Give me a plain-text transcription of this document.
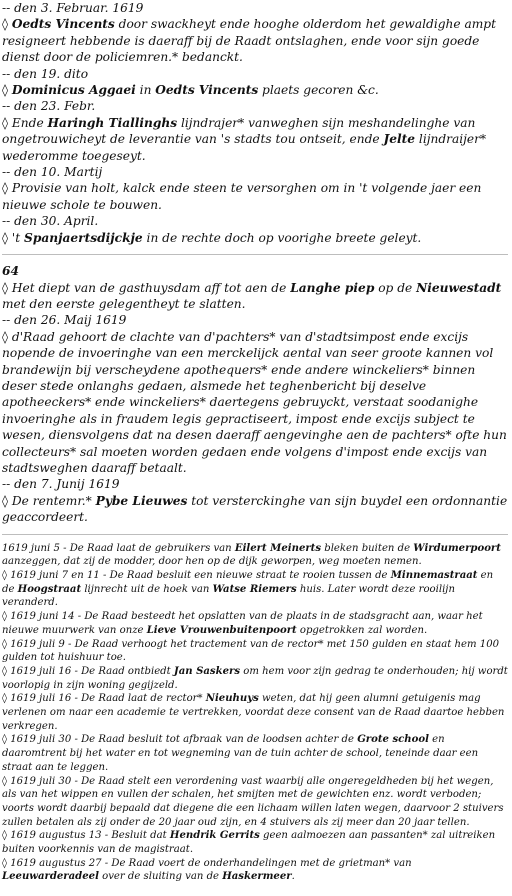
-- den 3. Februar. 1619

◊ Oedts Vincents door swackheyt ende hooghe olderdom het gewaldighe ampt resigneert hebbende is daeraff bij de Raadt ontslaghen, ende voor sijn goede dienst door de policiemren.* bedanckt.

-- den 19. dito

◊ Dominicus Aggaei in Oedts Vincents plaets gecoren &c.

-- den 23. Febr.

◊ Ende Haringh Tiallinghs lijndrajer* vanweghen sijn meshandelinghe van ongetrouwicheyt de leverantie van 's stadts tou ontseit, ende Jelte lijndraijer* wederomme toegeseyt.

-- den 10. Martij

◊ Provisie van holt, kalck ende steen te versorghen om in 't volgende jaer een nieuwe schole te bouwen.

-- den 30. April.

◊ 't Spanjaertsdijckje in de rechte doch op voorighe breete geleyt.

64

◊ Het diept van de gasthuysdam aff tot aen de Langhe piep op de Nieuwestadt met den eerste gelegentheyt te slatten.

-- den 26. Maij 1619

◊ d'Raad gehoort de clachte van d'pachters* van d'stadtsimpost ende excijs nopende de invoeringhe van een merckelijck aental van seer groote kannen vol brandewijn bij verscheydene apothequers* ende andere winckeliers* binnen deser stede onlanghs gedaen, alsmede het teghenbericht bij deselve apotheeckers* ende winckeliers* daertegens gebruyckt, verstaat soodanighe invoeringhe als in fraudem legis gepractiseert, impost ende excijs subject te wesen, diensvolgens dat na desen daeraff aengevinghe aen de pachters* ofte hun collecteurs* sal moeten worden gedaen ende volgens d'impost ende excijs van stadtsweghen daaraff betaalt.

-- den 7. Junij 1619

◊ De rentemr.* Pybe Lieuwes tot versterckinghe van sijn buydel een ordonnantie geaccordeert.

1619 juni 5 - De Raad laat de gebruikers van Eilert Meinerts bleken buiten de Wirdumerpoort aanzeggen, dat zij de modder, door hen op de dijk geworpen, weg moeten nemen.

◊ 1619 juni 7 en 11 - De Raad besluit een nieuwe straat te rooien tussen de Minnemastraat en de Hoogstraat lijnrecht uit de hoek van Watse Riemers huis. Later wordt deze rooilijn veranderd.

◊ 1619 juni 14 - De Raad besteedt het opslatten van de plaats in de stadsgracht aan, waar het nieuwe muurwerk van onze Lieve Vrouwenbuitenpoort opgetrokken zal worden.

◊ 1619 juli 9 - De Raad verhoogt het tractement van de rector* met 150 gulden en staat hem 100 gulden tot huishuur toe.

◊ 1619 juli 16 - De Raad ontbiedt Jan Saskers om hem voor zijn gedrag te onderhouden; hij wordt voorlopig in zijn woning gegijzeld.

◊ 1619 juli 16 - De Raad laat de rector* Nieuhuys weten, dat hij geen alumni getuigenis mag verlenen om naar een academie te vertrekken, voordat deze consent van de Raad daartoe hebben verkregen.

◊ 1619 juli 30 - De Raad besluit tot afbraak van de loodsen achter de Grote school en daaromtrent bij het water en tot wegneming van de tuin achter de school, teneinde daar een straat aan te leggen.

◊ 1619 juli 30 - De Raad stelt een verordening vast waarbij alle ongeregeldheden bij het wegen, als van het wippen en vullen der schalen, het smijten met de gewichten enz. wordt verboden; voorts wordt daarbij bepaald dat diegene die een lichaam willen laten wegen, daarvoor 2 stuivers zullen betalen als zij onder de 20 jaar oud zijn, en 4 stuivers als zij meer dan 20 jaar tellen.

◊ 1619 augustus 13 - Besluit dat Hendrik Gerrits geen aalmoezen aan passanten* zal uitreiken buiten voorkennis van de magistraat.

◊ 1619 augustus 27 - De Raad voert de onderhandelingen met de grietman* van Leeuwarderadeel over de sluiting van de Haskermeer.
